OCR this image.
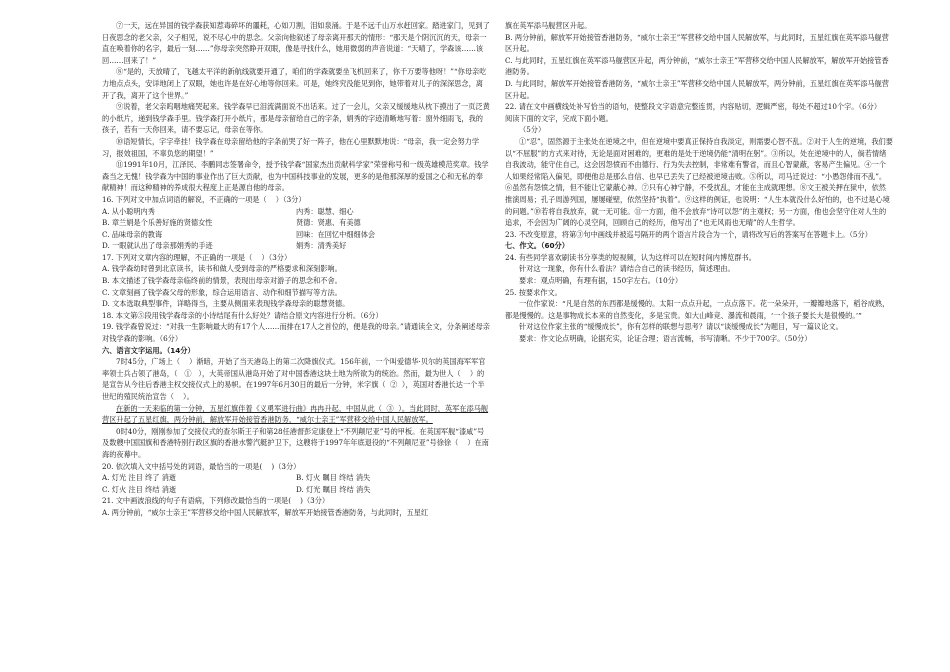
⑦一天，远在异国的钱学森获知惹毒碎坏的噩耗，心如刀割，泪如泉涌。于是不远千山万水赶回家。踏进家门，见到了日夜思念的老父亲，父子相见，说不尽心中的思念。父亲向他叙述了母亲离开那天的情形：“那天是个阴沉沉的天，母亲一直在唤着你的名字，最后一刻……”你母亲突然睁开双眼，像是寻找什么，她用微弱的声音说道：“天晴了，学森该……该回……回来了！”

⑧“是的，天放晴了，飞越太平洋的新航线就要开通了，咱们的学森就要坐飞机回来了，你千万要等他呀！”“你母亲吃力地点点头，安详地闭上了双眼，她也许是在好心地等你回来。可是，她终究没能见到你，她带着对儿子的深深思念，离开了我，离开了这个世界。”

⑨说着，老父亲呜咽地痛哭起来。钱学森早已泪流满面说不出话来。过了一会儿，父亲又缓缓地从枕下摸出了一页泛黄的小纸片，递到钱学森手里。钱学森打开小纸片，那是母亲留给自己的字条，娟秀的字迹清晰地写着：窗外细雨飞，我的孩子，若有一天你回来，请不要忘记，母亲在等你。

⑩语短情长，字字牵挂！钱学森在母亲留给他的字条前哭了好一阵子，他在心里默默地说：“母亲，我一定会努力学习，报效祖国，不辜负您的期望！”

⑪1991年10月，江泽民、李鹏同志签署命令，授予钱学森“国家杰出贡献科学家”荣誉称号和一级英雄模范奖章。钱学森当之无愧！钱学森为中国的事业作出了巨大贡献，也为中国科技事业的发展，更多的是他那深厚的爱国之心和无私的奉献精神！而这种精神的养成很大程度上正是源自他的母亲。

16. 下列对文中加点词语的解说，不正确的一项是（    ）（3分）

A. 从小聪明内秀	内秀：聪慧、细心
B. 章兰娟是个乐善好施的贤德女性	贤德：贤惠、有美德
C. 品味母亲的教诲	回味：在回忆中细细体会
D. 一眼就认出了母亲那娟秀的手迹	娟秀：清秀美好

17. 下列对文章内容的理解，不正确的一项是（    ）（3分）

A. 钱学森幼时曾到北京读书，读书和做人受到母亲的严格要求和深刻影响。

B. 本文描述了钱学森母亲临终前的情景，表现出母亲对游子的思念和不舍。

C. 文章刻画了钱学森父母的形象，综合运用语言、动作和细节描写等方法。

D. 文本选取典型事件，详略得当，主要从侧面来表现钱学森母亲的聪慧贤德。

18. 本文第⑤段用钱学森母亲的小诗结尾有什么好处？请结合原文内容进行分析。（6分）

19. 钱学森曾说过：“对我一生影响最大的有17个人……而排在17人之首位的，便是我的母亲。”请通读全文，分条阐述母亲对钱学森的影响。（6分）

六、语言文字运用。（14分）

7时45分，广场上（    ）渐暗，开始了当天港岛上的第二次降旗仪式。156年前，一个叫爱德华·贝尔的英国海军军官率领士兵占领了港岛，（   ①   ），大英帝国从港岛开始了对中国香港这块土地为所欲为的统治。然而，最为世人（    ）的是宣告从今往后香港主权交接仪式上的易帜。在1997年6月30日的最后一分钟，米字旗（  ②  ），英国对香港长达一个半世纪的殖民统治宣告（    ）。

在新的一天来临的第一分钟，五星红旗伴着《义勇军进行曲》冉冉升起，中国从此（  ③  ）。当此同时，英军在添马舰营区升起了五星红旗，两分钟前，解放军开始接管香港防务，“威尔士亲王”军营移交给中国人民解放军。

0时40分，刚刚参加了交接仪式的查尔斯王子和第28任港督彭定康登上“不列颠尼亚”号的甲板。在英国军舰“漆咸”号及数艘中国国旗和香港特别行政区旗的香港水警汽艇护卫下，这艘将于1997年年底退役的“不列颠尼亚”号徐徐（    ）在南海的夜幕中。

20. 依次填入文中括号处的词语，最恰当的一项是(    )（3分）

A. 灯光 注目 终了 消逝	B. 灯火 瞩目 终结 消失
C. 灯火 注目 终结 消逝	D. 灯光 瞩目 终结 消失

21. 文中画波浪线的句子有语病，下列修改最恰当的一项是(    )（3分）

A. 两分钟前，“威尔士亲王”军营移交给中国人民解放军，解放军开始接管香港防务，与此同时，五星红

旗在英军添马舰营区升起。

B. 两分钟前，解放军开始接管香港防务，“威尔士亲王”军营移交给中国人民解放军，与此同时，五星红旗在英军添马舰营区升起。

C. 与此同时，五星红旗在英军添马舰营区升起，两分钟前，“威尔士亲王”军营移交给中国人民解放军，解放军开始接管香港防务。

D. 与此同时，解放军开始接管香港防务，“威尔士亲王”军营移交给中国人民解放军，两分钟前，五星红旗在英军添马舰营区升起。

22. 请在文中画横线处补写恰当的语句，使整段文字语意完整连贯，内容贴切，逻辑严密，每处不超过10个字。（6分）

阅读下面的文字，完成下面小题。

（5分）

①“忍”，固然源于主张处在逆境之中，但在逆境中要真正保持自我淡定，则需要心智不乱。②对于人生的逆境，我们要以“不屈服”的方式来对待，无论是面对困难的，更难的是处于逆境仍能“清明在躬”。③所以，处在逆境中的人，倘若情绪自我波动，能守住自己，这会因怨愤而不由德行、行为失去控制，非常难有警省，而且心智蒙蔽，客易产生偏见。④一个人如果经常陷入偏见，即便他总是那么自信、也早已丢失了已经被逆境击败。⑤所以，司马迁说过：“小愚怨俳而不乱”。⑥虽然有怨愤之情，但不能让它蒙蔽心神。⑦只有心神宁静，不受扰乱，才能在主成就理想。⑧文王被关押在狱中，依然推演周易；孔子周游列国，屡屡碰壁，依然坚持“执着”。⑨这样的例证，也说明：“人生本就没什么好怕的，也不过是心境的问题。”⑩若将自我放弃，就一无可能。⑪一方面，他不会放弃“诗可以怨”的主观权；另一方面，他也会坚守住对人生的追求，不会因为广阔的心灵空间，回顾自己的经历，他写出了“也无风雨也无晴”的人生哲学。

23. 不改变原意，将第③句中画线并被巡号隔开的两个语言片段合为一个，请将改写后的答案写在答题卡上。（5分）

七、作文。（60分）

24. 有些同学喜欢刷读书分享类的短视频，认为这样可以在短时间内博览群书。

针对这一现象，你有什么看法？请结合自己的读书经历，简述理由。

要求：观点明确，有理有据，150字左右。（10分）

25. 按要求作文。

一位作家说：“凡是自然的东西都是缓慢的。太阳一点点升起，一点点落下。花一朵朵开，一瓣瓣地落下，稻谷成熟，都是慢慢的。这是事物成长本来的自然变化，多是宝贵。如大山峰竞、瀑流和晨雨，‘一个孩子要长大是很慢的。’”

针对这位作家主张的“缓慢成长”，你有怎样的联想与思考？请以“谈缓慢成长”为题目，写一篇议论文。

要求：作文论点明确，论据充实，论证合理；语言流畅，书写清晰。不少于700字。（50分）
